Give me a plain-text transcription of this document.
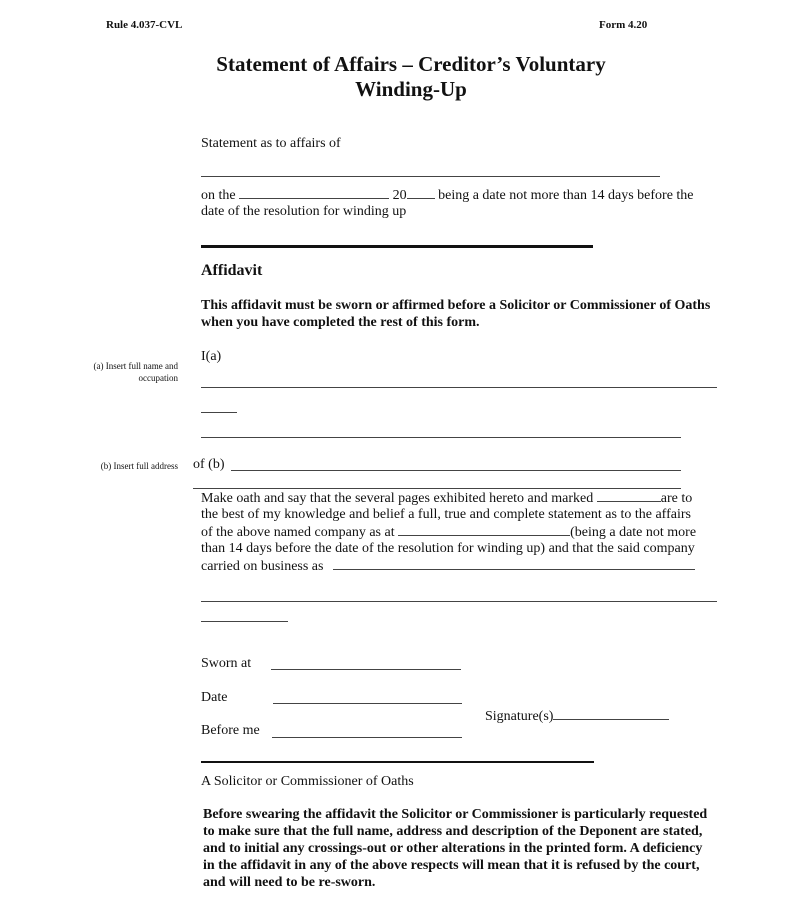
Rule 4.037-CVL	Form 4.20
Statement of Affairs – Creditor’s Voluntary
Winding-Up
Statement as to affairs of
on the	20 being a date not more than 14 days before the
date of the resolution for winding up
Affidavit
This affidavit must be sworn or affirmed before a Solicitor or Commissioner of Oaths when you have completed the rest of this form.
(a) Insert full name and occupation
I(a)
(b) Insert full address of (b)
Make oath and say that the several pages exhibited hereto and marked	are to
the best of my knowledge and belief a full, true and complete statement as to the affairs
of the above named company as at	(being a date not more
than 14 days before the date of the resolution for winding up) and that the said company
carried on business as
Sworn at
Date
Signature(s)
Before me
A Solicitor or Commissioner of Oaths
Before swearing the affidavit the Solicitor or Commissioner is particularly requested to make sure that the full name, address and description of the Deponent are stated, and to initial any crossings-out or other alterations in the printed form. A deficiency in the affidavit in any of the above respects will mean that it is refused by the court, and will need to be re-sworn.
